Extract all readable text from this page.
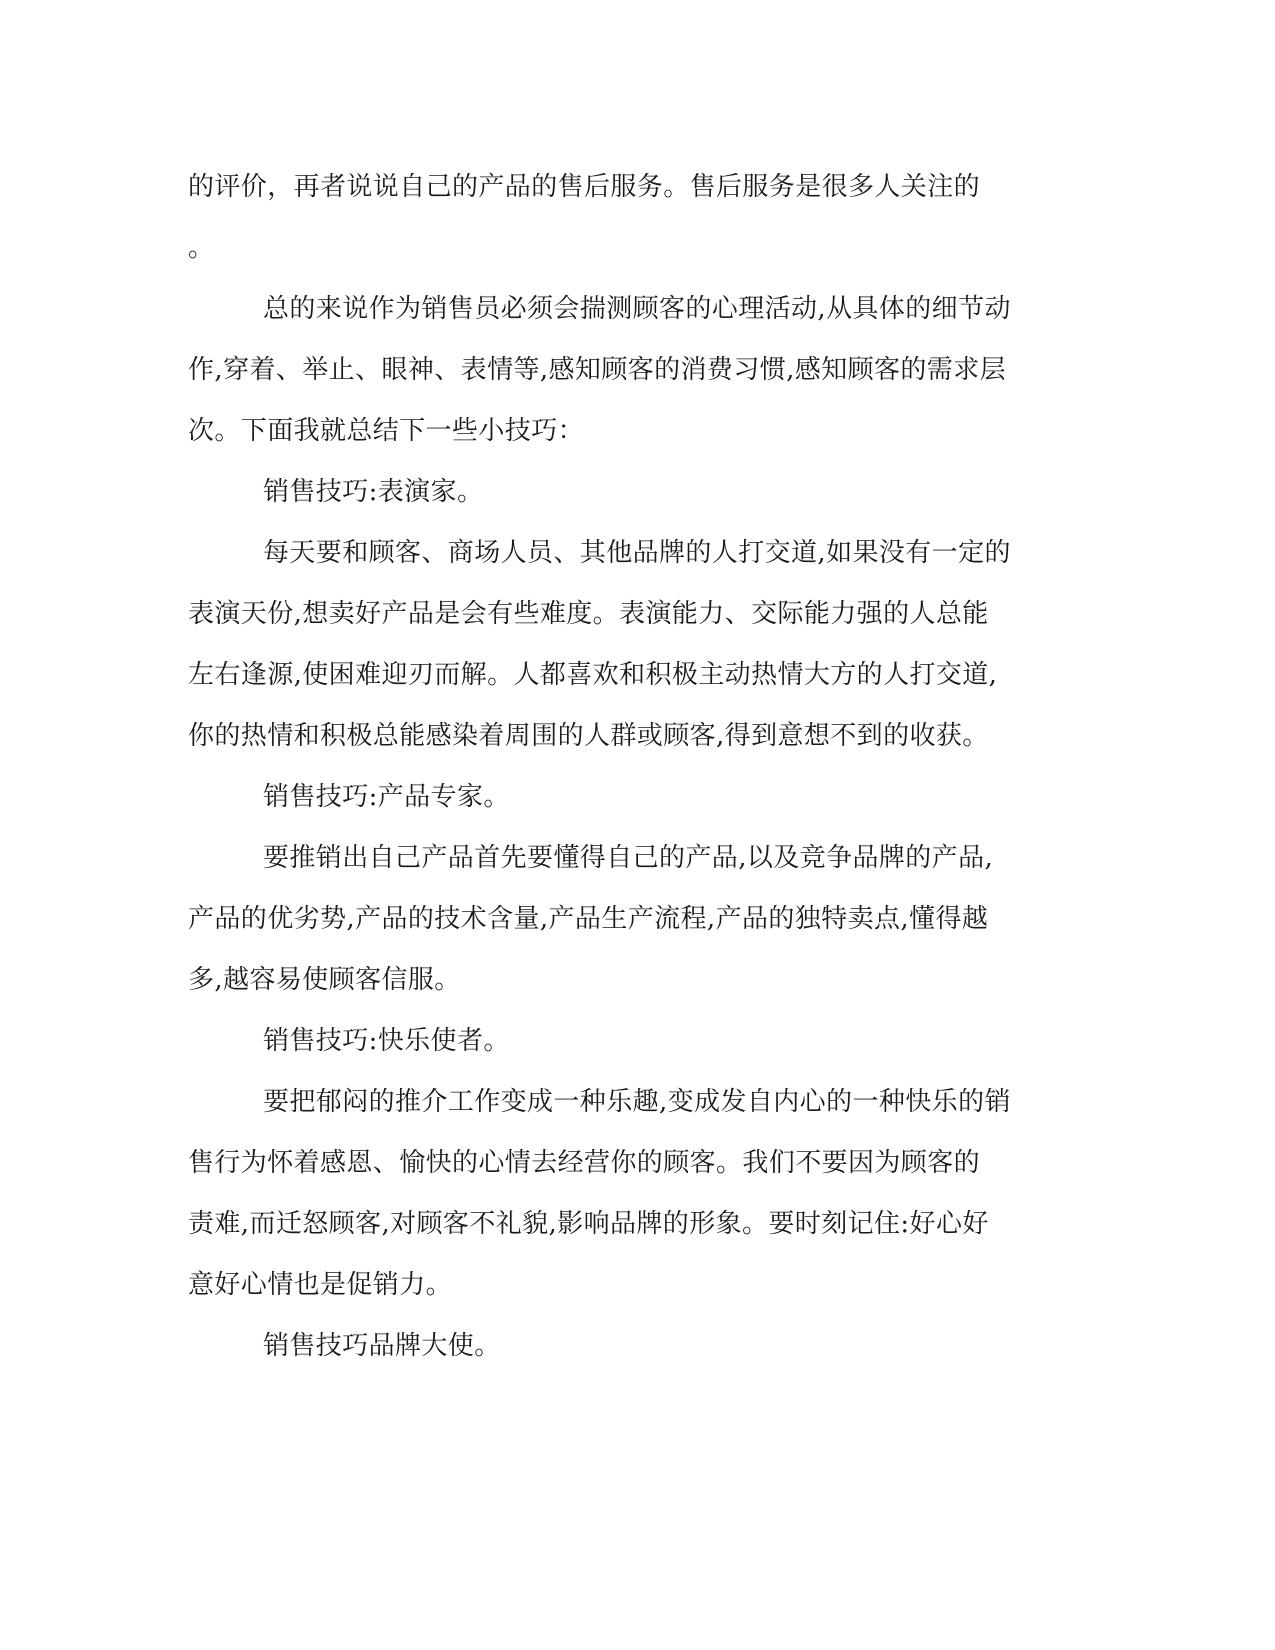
的评价，再者说说自己的产品的售后服务。售后服务是很多人关注的
。
总的来说作为销售员必须会揣测顾客的心理活动,从具体的细节动
作,穿着、举止、眼神、表情等,感知顾客的消费习惯,感知顾客的需求层
次。下面我就总结下一些小技巧：
销售技巧:表演家。
每天要和顾客、商场人员、其他品牌的人打交道,如果没有一定的
表演天份,想卖好产品是会有些难度。表演能力、交际能力强的人总能
左右逢源,使困难迎刃而解。人都喜欢和积极主动热情大方的人打交道,
你的热情和积极总能感染着周围的人群或顾客,得到意想不到的收获。
销售技巧:产品专家。
要推销出自己产品首先要懂得自己的产品,以及竞争品牌的产品,
产品的优劣势,产品的技术含量,产品生产流程,产品的独特卖点,懂得越
多,越容易使顾客信服。
销售技巧:快乐使者。
要把郁闷的推介工作变成一种乐趣,变成发自内心的一种快乐的销
售行为怀着感恩、愉快的心情去经营你的顾客。我们不要因为顾客的
责难,而迁怒顾客,对顾客不礼貌,影响品牌的形象。要时刻记住:好心好
意好心情也是促销力。
销售技巧品牌大使。
